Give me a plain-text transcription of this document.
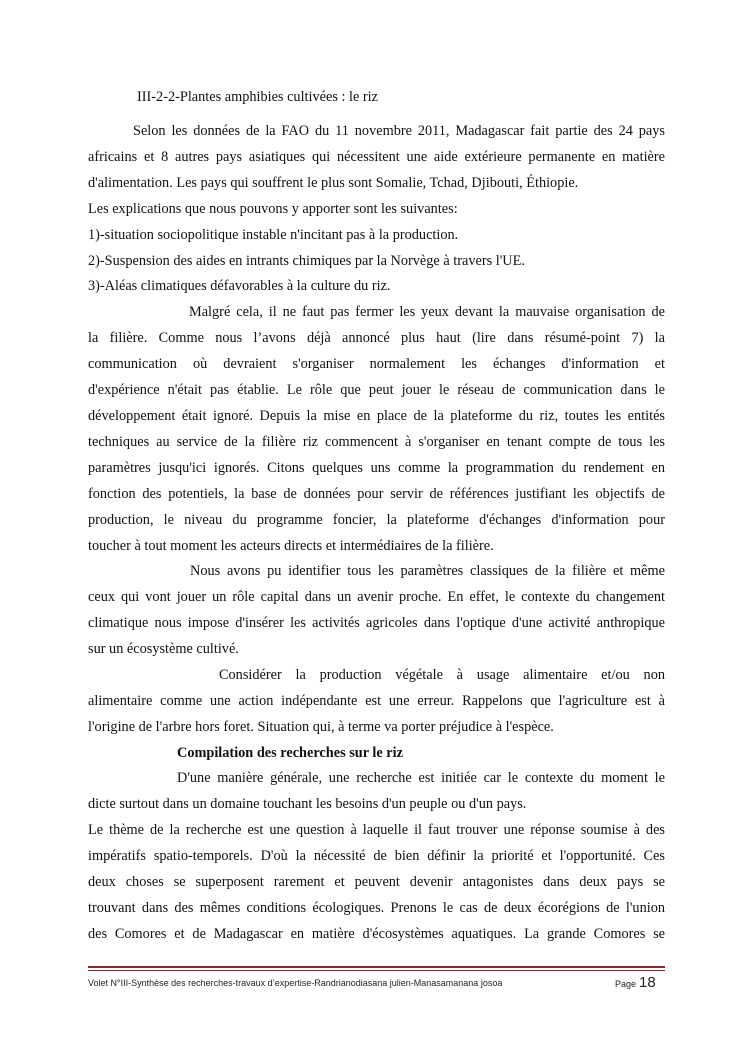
III-2-2-Plantes amphibies cultivées : le riz
Selon les données de la FAO du 11 novembre 2011, Madagascar fait partie des 24 pays
africains et 8 autres pays asiatiques qui nécessitent une aide extérieure permanente en matière
d'alimentation. Les pays qui souffrent le plus sont Somalie, Tchad, Djibouti, Éthiopie.
Les explications que nous pouvons y apporter sont les suivantes:
1)-situation sociopolitique instable n'incitant pas à la production.
2)-Suspension des aides en intrants chimiques par la Norvège à travers l'UE.
3)-Aléas climatiques défavorables à la culture du riz.
Malgré cela, il ne faut pas fermer les yeux devant la mauvaise organisation de
la filière. Comme nous l’avons déjà annoncé plus haut (lire dans résumé-point 7) la
communication où devraient s'organiser normalement les échanges d'information et
d'expérience n'était pas établie. Le rôle que peut jouer le réseau de communication dans le
développement était ignoré. Depuis la mise en place de la plateforme du riz, toutes les entités
techniques au service de la filière riz commencent à s'organiser en tenant compte de tous les
paramètres jusqu'ici ignorés. Citons quelques uns comme la programmation du rendement en
fonction des potentiels, la base de données pour servir de références justifiant les objectifs de
production, le niveau du programme foncier, la plateforme d'échanges d'information pour
toucher à tout moment les acteurs directs et intermédiaires de la filière.
Nous avons pu identifier tous les paramètres classiques de la filière et même
ceux qui vont jouer un rôle capital dans un avenir proche. En effet, le contexte du changement
climatique nous impose d'insérer les activités agricoles dans l'optique d'une activité anthropique
sur un écosystème cultivé.
Considérer la production végétale à usage alimentaire et/ou non
alimentaire comme une action indépendante est une erreur. Rappelons que l'agriculture est à
l'origine de l'arbre hors foret. Situation qui, à terme va porter préjudice à l'espèce.
Compilation des recherches sur le riz
D'une manière générale, une recherche est initiée car le contexte du moment le
dicte surtout dans un domaine touchant les besoins d'un peuple ou d'un pays.
Le thème de la recherche est une question à laquelle il faut trouver une réponse soumise à des
impératifs spatio-temporels. D'où la nécessité de bien définir la priorité et l'opportunité. Ces
deux choses se superposent rarement et peuvent devenir antagonistes dans deux pays se
trouvant dans des mêmes conditions écologiques. Prenons le cas de deux écorégions de l'union
des Comores et de Madagascar en matière d'écosystèmes aquatiques. La grande Comores se
Volet N°III-Synthèse des recherches-travaux d’expertise-Randrianodiasana julien-Manasamanana josoa	Page 18
